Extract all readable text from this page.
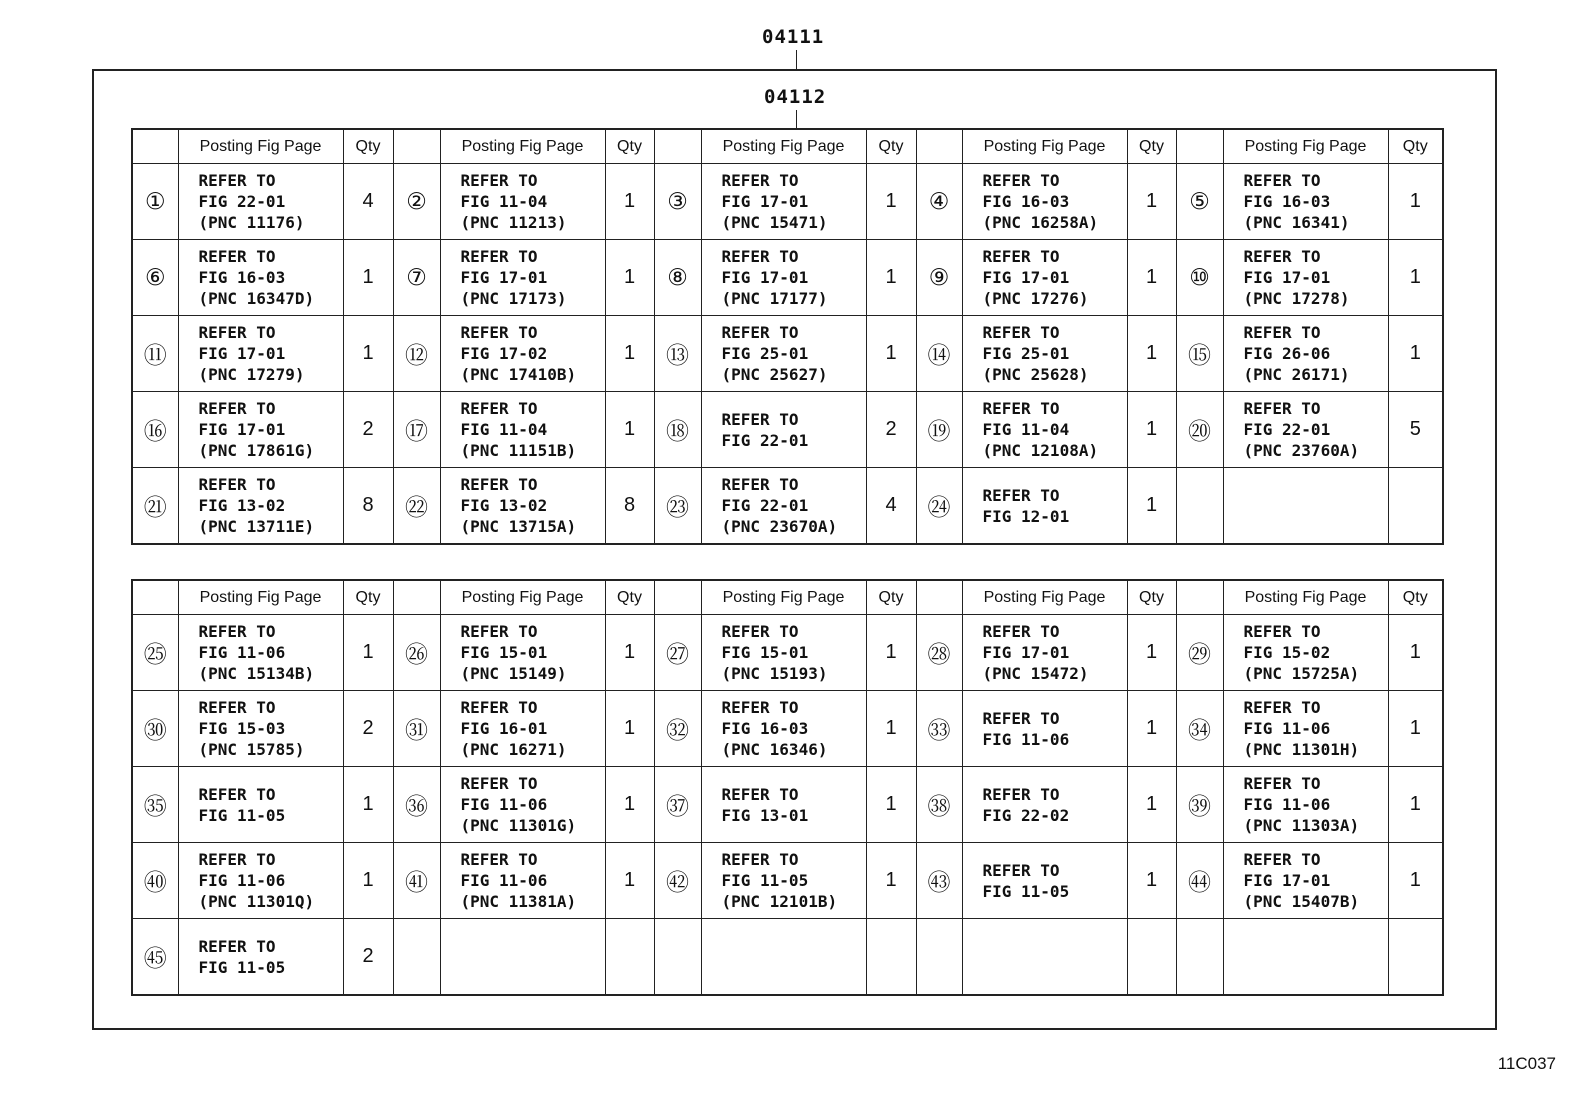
04111
04112
	Posting Fig Page	Qty		Posting Fig Page	Qty		Posting Fig Page	Qty		Posting Fig Page	Qty		Posting Fig Page	Qty
①	REFER TO
FIG 22-01
(PNC 11176)	4	②	REFER TO
FIG 11-04
(PNC 11213)	1	③	REFER TO
FIG 17-01
(PNC 15471)	1	④	REFER TO
FIG 16-03
(PNC 16258A)	1	⑤	REFER TO
FIG 16-03
(PNC 16341)	1
⑥	REFER TO
FIG 16-03
(PNC 16347D)	1	⑦	REFER TO
FIG 17-01
(PNC 17173)	1	⑧	REFER TO
FIG 17-01
(PNC 17177)	1	⑨	REFER TO
FIG 17-01
(PNC 17276)	1	⑩	REFER TO
FIG 17-01
(PNC 17278)	1
⑪	REFER TO
FIG 17-01
(PNC 17279)	1	⑫	REFER TO
FIG 17-02
(PNC 17410B)	1	⑬	REFER TO
FIG 25-01
(PNC 25627)	1	⑭	REFER TO
FIG 25-01
(PNC 25628)	1	⑮	REFER TO
FIG 26-06
(PNC 26171)	1
⑯	REFER TO
FIG 17-01
(PNC 17861G)	2	⑰	REFER TO
FIG 11-04
(PNC 11151B)	1	⑱	REFER TO
FIG 22-01	2	⑲	REFER TO
FIG 11-04
(PNC 12108A)	1	⑳	REFER TO
FIG 22-01
(PNC 23760A)	5
㉑	REFER TO
FIG 13-02
(PNC 13711E)	8	㉒	REFER TO
FIG 13-02
(PNC 13715A)	8	㉓	REFER TO
FIG 22-01
(PNC 23670A)	4	㉔	REFER TO
FIG 12-01	1			
	Posting Fig Page	Qty		Posting Fig Page	Qty		Posting Fig Page	Qty		Posting Fig Page	Qty		Posting Fig Page	Qty
㉕	REFER TO
FIG 11-06
(PNC 15134B)	1	㉖	REFER TO
FIG 15-01
(PNC 15149)	1	㉗	REFER TO
FIG 15-01
(PNC 15193)	1	㉘	REFER TO
FIG 17-01
(PNC 15472)	1	㉙	REFER TO
FIG 15-02
(PNC 15725A)	1
㉚	REFER TO
FIG 15-03
(PNC 15785)	2	㉛	REFER TO
FIG 16-01
(PNC 16271)	1	㉜	REFER TO
FIG 16-03
(PNC 16346)	1	㉝	REFER TO
FIG 11-06	1	㉞	REFER TO
FIG 11-06
(PNC 11301H)	1
㉟	REFER TO
FIG 11-05	1	㊱	REFER TO
FIG 11-06
(PNC 11301G)	1	㊲	REFER TO
FIG 13-01	1	㊳	REFER TO
FIG 22-02	1	㊴	REFER TO
FIG 11-06
(PNC 11303A)	1
㊵	REFER TO
FIG 11-06
(PNC 11301Q)	1	㊶	REFER TO
FIG 11-06
(PNC 11381A)	1	㊷	REFER TO
FIG 11-05
(PNC 12101B)	1	㊸	REFER TO
FIG 11-05	1	㊹	REFER TO
FIG 17-01
(PNC 15407B)	1
㊺	REFER TO
FIG 11-05	2												
11C037
